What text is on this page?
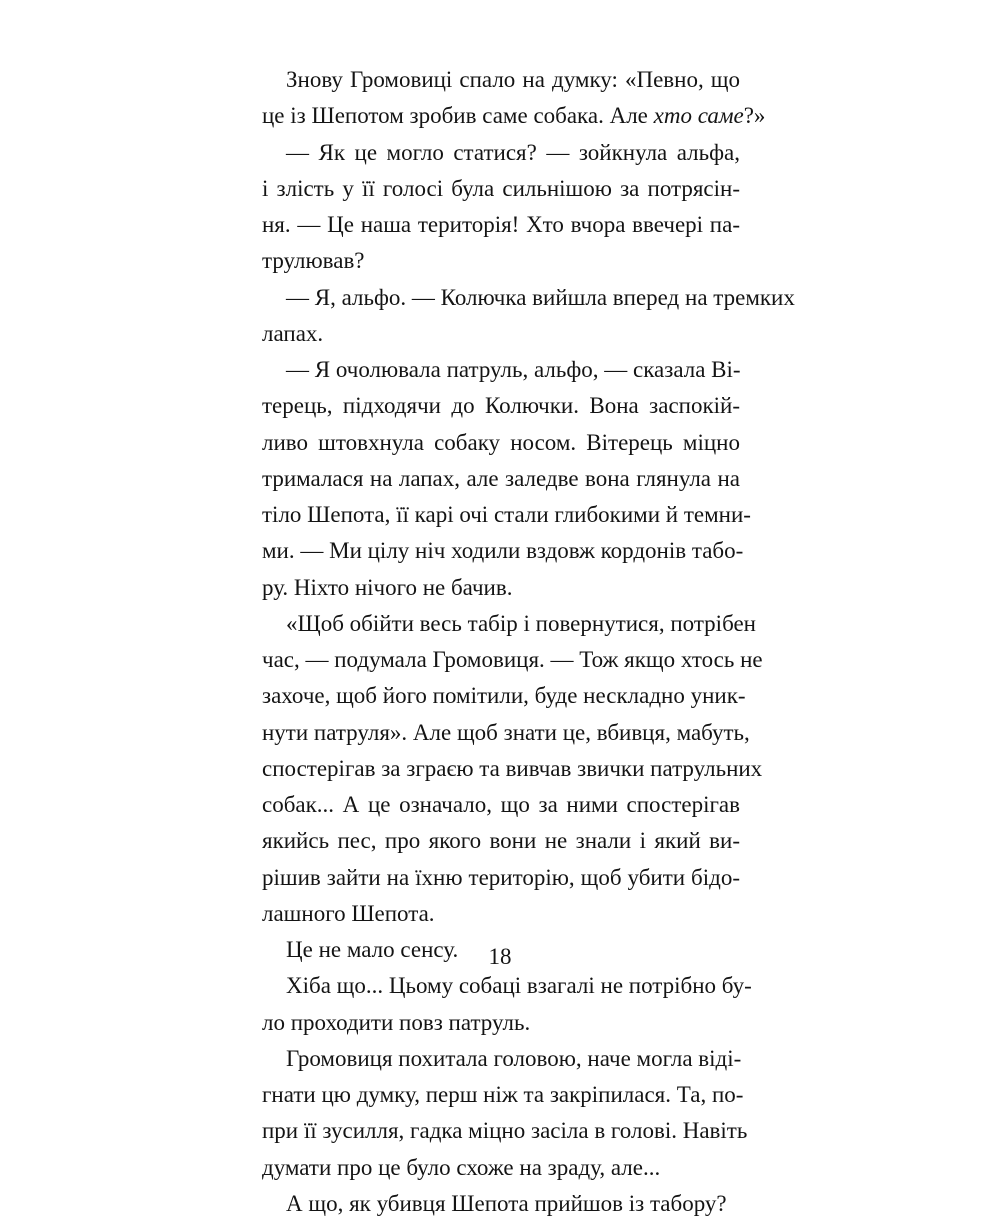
Знову Громовиці спало на думку: «Певно, що
це із Шепотом зробив саме собака. Але хто саме?»
— Як це могло статися? — зойкнула альфа,
і злість у її голосі була сильнішою за потрясін-
ня. — Це наша територія! Хто вчора ввечері па-
трулював?
— Я, альфо. — Колючка вийшла вперед на тремких
лапах.
— Я очолювала патруль, альфо, — сказала Ві-
терець, підходячи до Колючки. Вона заспокій-
ливо штовхнула собаку носом. Вітерець міцно
трималася на лапах, але заледве вона глянула на
тіло Шепота, її карі очі стали глибокими й темни-
ми. — Ми цілу ніч ходили вздовж кордонів табо-
ру. Ніхто нічого не бачив.
«Щоб обійти весь табір і повернутися, потрібен
час, — подумала Громовиця. — Тож якщо хтось не
захоче, щоб його помітили, буде нескладно уник-
нути патруля». Але щоб знати це, вбивця, мабуть,
спостерігав за зграєю та вивчав звички патрульних
собак... А це означало, що за ними спостерігав
якийсь пес, про якого вони не знали і який ви-
рішив зайти на їхню територію, щоб убити бідо-
лашного Шепота.
Це не мало сенсу.
Хіба що... Цьому собаці взагалі не потрібно бу-
ло проходити повз патруль.
Громовиця похитала головою, наче могла віді-
гнати цю думку, перш ніж та закріпилася. Та, по-
при її зусилля, гадка міцно засіла в голові. Навіть
думати про це було схоже на зраду, але...
А що, як убивця Шепота прийшов із табору?
18
